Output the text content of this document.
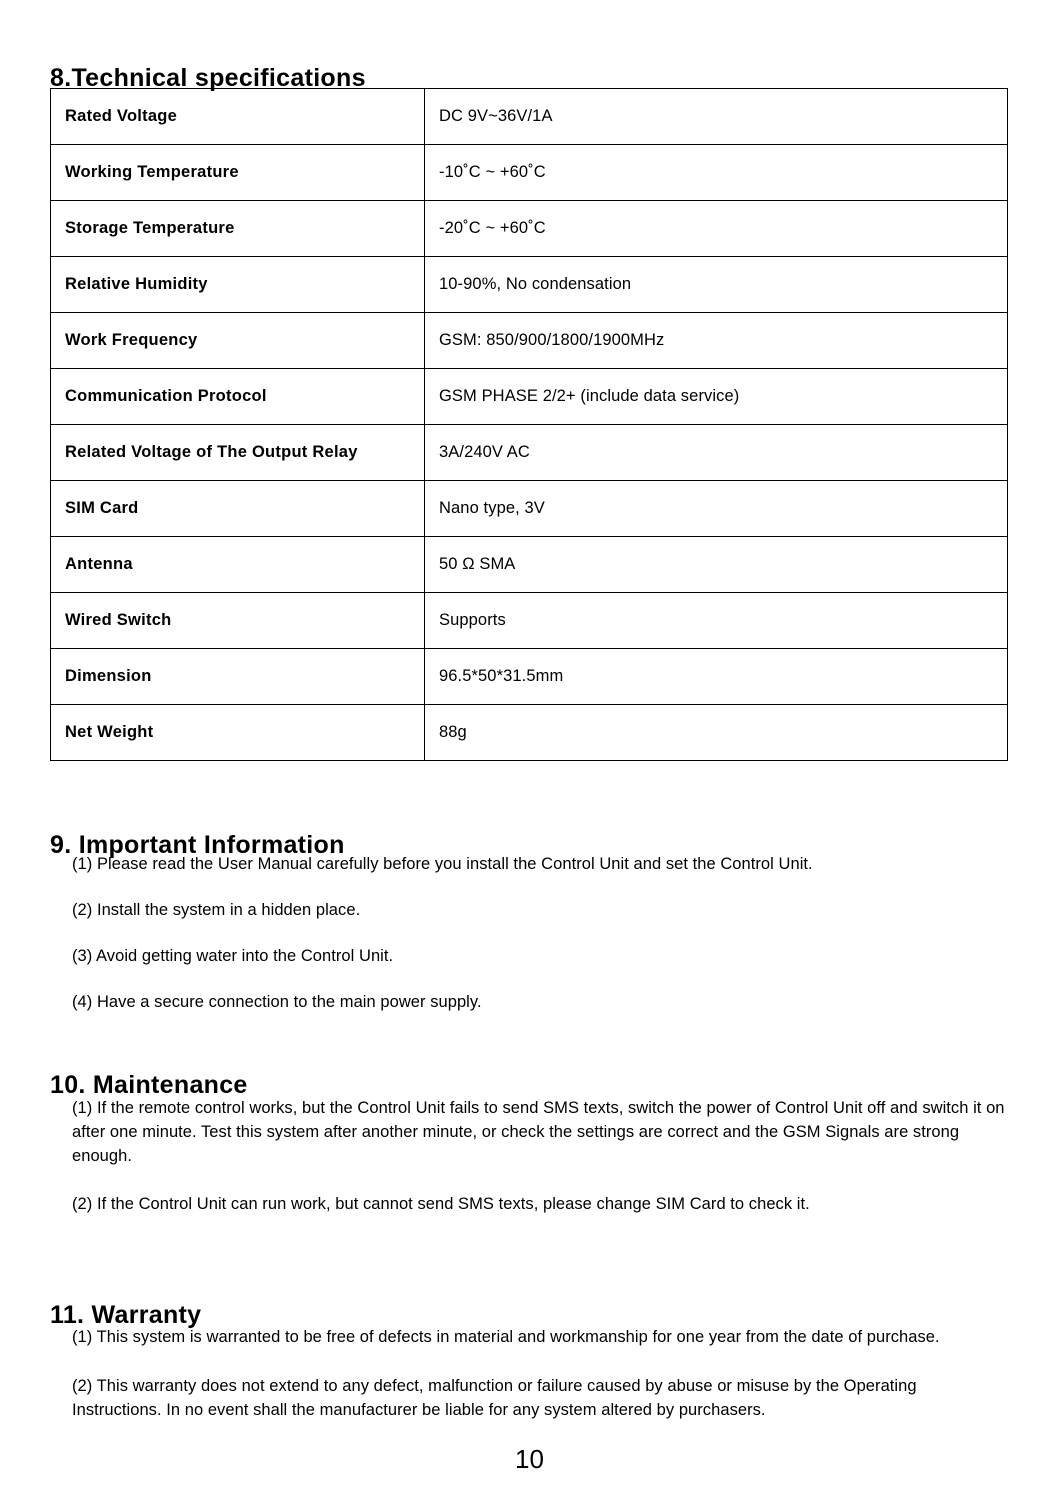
8.Technical specifications
Rated Voltage	DC 9V~36V/1A
Working Temperature	-10˚C ~ +60˚C
Storage Temperature	-20˚C ~ +60˚C
Relative Humidity	10-90%, No condensation
Work Frequency	GSM: 850/900/1800/1900MHz
Communication Protocol	GSM PHASE 2/2+ (include data service)
Related Voltage of The Output Relay	3A/240V AC
SIM Card	Nano type, 3V
Antenna	50 Ω SMA
Wired Switch	Supports
Dimension	96.5*50*31.5mm
Net Weight	88g
9. Important Information

(1) Please read the User Manual carefully before you install the Control Unit and set the Control Unit.

(2) Install the system in a hidden place.

(3) Avoid getting water into the Control Unit.

(4) Have a secure connection to the main power supply.

10. Maintenance

(1) If the remote control works, but the Control Unit fails to send SMS texts, switch the power of Control Unit off and switch it on after one minute. Test this system after another minute, or check the settings are correct and the GSM Signals are strong enough.

(2) If the Control Unit can run work, but cannot send SMS texts, please change SIM Card to check it.

11. Warranty

(1) This system is warranted to be free of defects in material and workmanship for one year from the date of purchase.

(2) This warranty does not extend to any defect, malfunction or failure caused by abuse or misuse by the Operating Instructions. In no event shall the manufacturer be liable for any system altered by purchasers.

10
